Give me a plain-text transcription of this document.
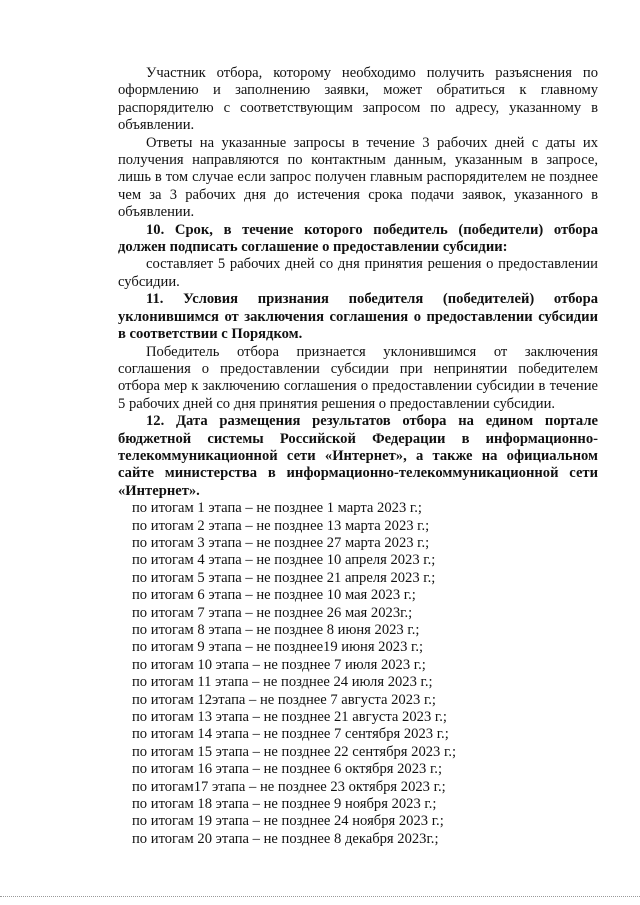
Участник отбора, которому необходимо получить разъяснения по оформлению и заполнению заявки, может обратиться к главному распорядителю с соответствующим запросом по адресу, указанному в объявлении.

Ответы на указанные запросы в течение 3 рабочих дней с даты их получения направляются по контактным данным, указанным в запросе, лишь в том случае если запрос получен главным распорядителем не позднее чем за 3 рабочих дня до истечения срока подачи заявок, указанного в объявлении.

10. Срок, в течение которого победитель (победители) отбора должен подписать соглашение о предоставлении субсидии:

составляет 5 рабочих дней со дня принятия решения о предоставлении субсидии.

11. Условия признания победителя (победителей) отбора уклонившимся от заключения соглашения о предоставлении субсидии в соответствии с Порядком.

Победитель отбора признается уклонившимся от заключения соглашения о предоставлении субсидии при непринятии победителем отбора мер к заключению соглашения о предоставлении субсидии в течение 5 рабочих дней со дня принятия решения о предоставлении субсидии.

12. Дата размещения результатов отбора на едином портале бюджетной системы Российской Федерации в информационно-телекоммуникационной сети «Интернет», а также на официальном сайте министерства в информационно-телекоммуникационной сети «Интернет».

по итогам 1 этапа – не позднее 1 марта 2023 г.;
по итогам 2 этапа – не позднее 13 марта 2023 г.;
по итогам 3 этапа – не позднее 27 марта 2023 г.;
по итогам 4 этапа – не позднее 10 апреля 2023 г.;
по итогам 5 этапа – не позднее 21 апреля 2023 г.;
по итогам 6 этапа – не позднее 10 мая 2023 г.;
по итогам 7 этапа – не позднее 26 мая 2023г.;
по итогам 8 этапа – не позднее 8 июня 2023 г.;
по итогам 9 этапа – не позднее19 июня 2023 г.;
по итогам 10 этапа – не позднее 7 июля 2023 г.;
по итогам 11 этапа – не позднее 24 июля 2023 г.;
по итогам 12этапа – не позднее 7 августа 2023 г.;
по итогам 13 этапа – не позднее 21 августа 2023 г.;
по итогам 14 этапа – не позднее 7 сентября 2023 г.;
по итогам 15 этапа – не позднее 22 сентября 2023 г.;
по итогам 16 этапа – не позднее 6 октября 2023 г.;
по итогам17 этапа – не позднее 23 октября 2023 г.;
по итогам 18 этапа – не позднее 9 ноября 2023 г.;
по итогам 19 этапа – не позднее 24 ноября 2023 г.;
по итогам 20 этапа – не позднее 8 декабря 2023г.;
